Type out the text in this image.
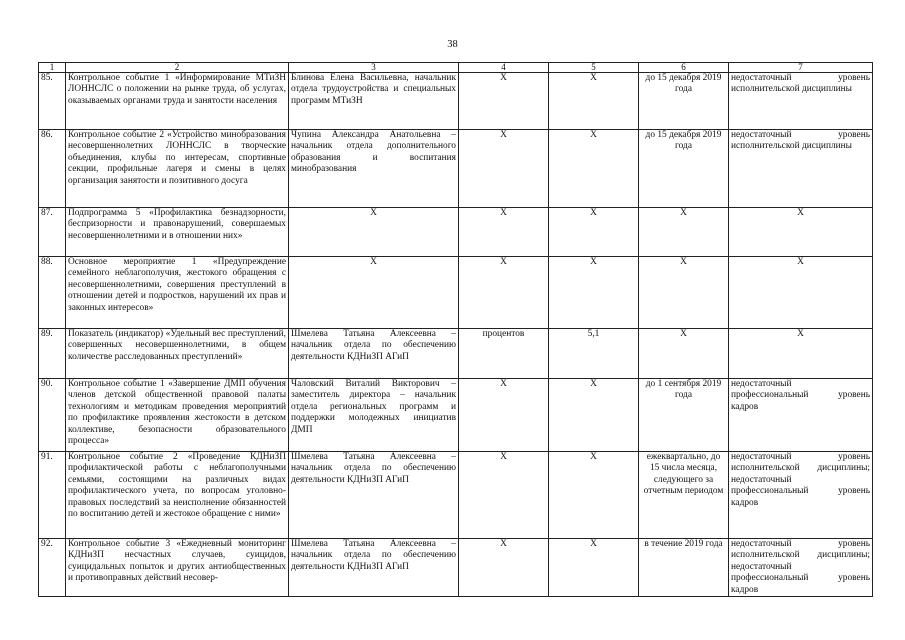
38
1	2	3	4	5	6	7
85.	Контрольное событие 1 «Информирование МТиЗН ЛОННСЛС о положении на рынке труда, об услугах, оказываемых органами труда и занятости населения	Блинова Елена Васильевна, начальник отдела трудоустройства и специальных программ МТиЗН	Х	Х	до 15 декабря 2019 года	недостаточный уровень исполнительской дисциплины
86.	Контрольное событие 2 «Устройство минобразования несовершеннолетних ЛОННСЛС в творческие объединения, клубы по интересам, спортивные секции, профильные лагеря и смены в целях организация занятости и позитивного досуга	Чупина Александра Анатольевна – начальник отдела дополнительного образования и воспитания минобразования	Х	Х	до 15 декабря 2019 года	недостаточный уровень исполнительской дисциплины
87.	Подпрограмма 5 «Профилактика безнадзорности, беспризорности и правонарушений, совершаемых несовершеннолетними и в отношении них»	Х	Х	Х	Х	Х
88.	Основное мероприятие 1 «Предупреждение семейного неблагополучия, жестокого обращения с несовершеннолетними, совершения преступлений в отношении детей и подростков, нарушений их прав и законных интересов»	Х	Х	Х	Х	Х
89.	Показатель (индикатор) «Удельный вес преступлений, совершенных несовершеннолетними, в общем количестве расследованных преступлений»	Шмелева Татьяна Алексеевна – начальник отдела по обеспечению деятельности КДНиЗП АГиП	процентов	5,1	Х	Х
90.	Контрольное событие 1 «Завершение ДМП обучения членов детской общественной правовой палаты технологиям и методикам проведения мероприятий по профилактике проявления жестокости в детском коллективе, безопасности образовательного процесса»	Чаловский Виталий Викторович – заместитель директора – начальник отдела региональных программ и поддержки молодежных инициатив ДМП	Х	Х	до 1 сентября 2019 года	недостаточный профессиональный уровень кадров
91.	Контрольное событие 2 «Проведение КДНиЗП профилактической работы с неблагополучными семьями, состоящими на различных видах профилактического учета, по вопросам уголовно-правовых последствий за неисполнение обязанностей по воспитанию детей и жестокое обращение с ними»	Шмелева Татьяна Алексеевна – начальник отдела по обеспечению деятельности КДНиЗП АГиП	Х	Х	ежеквартально, до 15 числа месяца, следующего за отчетным периодом	недостаточный уровень исполнительской дисциплины; недостаточный профессиональный уровень кадров
92.	Контрольное событие 3 «Ежедневный мониторинг КДНиЗП несчастных случаев, суицидов, суицидальных попыток и других антиобщественных и противоправных действий несовер-	Шмелева Татьяна Алексеевна – начальник отдела по обеспечению деятельности КДНиЗП АГиП	Х	Х	в течение 2019 года	недостаточный уровень исполнительской дисциплины; недостаточный профессиональный уровень кадров
